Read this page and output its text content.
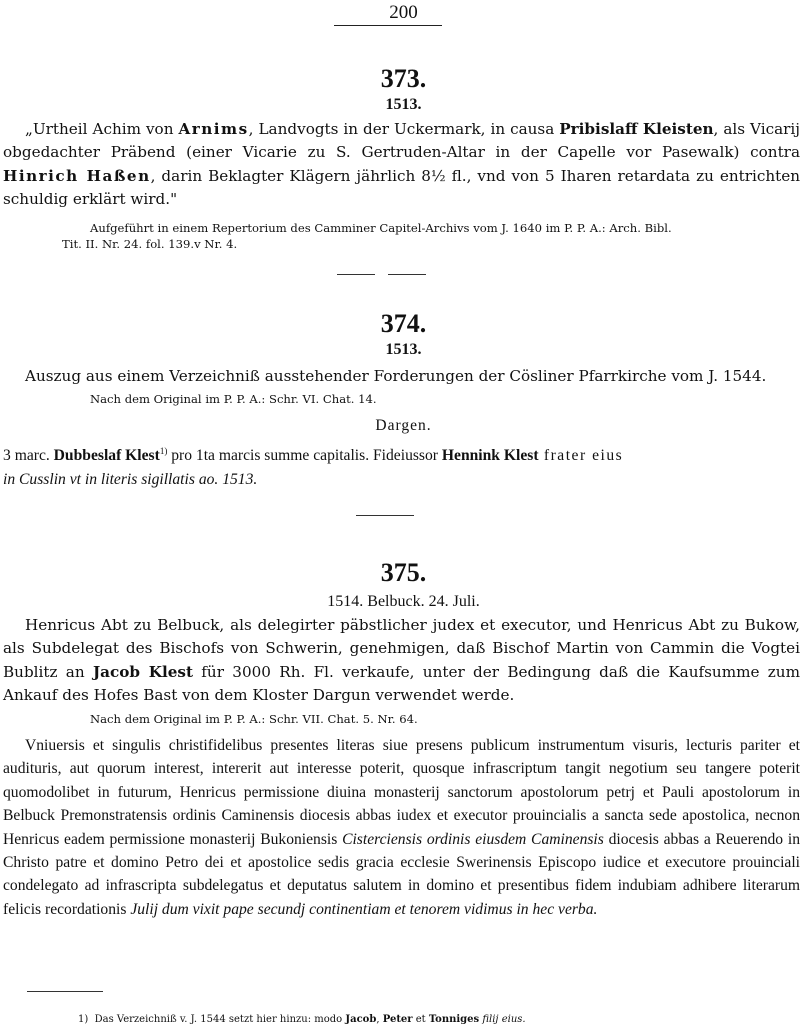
200
373.
1513.

„Urtheil Achim von Arnims, Landvogts in der Uckermark, in causa Pribislaff Kleisten, als Vicarij obgedachter Präbend (einer Vicarie zu S. Gertruden-Altar in der Capelle vor Pasewalk) contra Hinrich Haßen, darin Beklagter Klägern jährlich 8½ fl., vnd von 5 Iharen retardata zu entrichten schuldig erklärt wird."

Aufgeführt in einem Repertorium des Camminer Capitel-Archivs vom J. 1640 im P. P. A.: Arch. Bibl.
Tit. II. Nr. 24. fol. 139.v Nr. 4.
374.
1513.

Auszug aus einem Verzeichniß ausstehender Forderungen der Cösliner Pfarrkirche vom J. 1544.

Nach dem Original im P. P. A.: Schr. VI. Chat. 14.
Dargen.

3 marc. Dubbeslaf Klest$^{1)}$ pro 1ta marcis summe capitalis. Fideiussor Hennink Klest frater eius
in Cusslin vt in literis sigillatis ao. 1513.

375.
1514. Belbuck. 24. Juli.

Henricus Abt zu Belbuck, als delegirter päbstlicher judex et executor, und Henricus Abt zu Bukow, als Subdelegat des Bischofs von Schwerin, genehmigen, daß Bischof Martin von Cammin die Vogtei Bublitz an Jacob Klest für 3000 Rh. Fl. verkaufe, unter der Bedingung daß die Kaufsumme zum Ankauf des Hofes Bast von dem Kloster Dargun verwendet werde.

Nach dem Original im P. P. A.: Schr. VII. Chat. 5. Nr. 64.

Vniuersis et singulis christifidelibus presentes literas siue presens publicum instrumentum visuris, lecturis pariter et audituris, aut quorum interest, intererit aut interesse poterit, quosque infrascriptum tangit negotium seu tangere poterit quomodolibet in futurum, Henricus permissione diuina monasterij sanctorum apostolorum petrj et Pauli apostolorum in Belbuck Premonstratensis ordinis Caminensis diocesis abbas iudex et executor prouincialis a sancta sede apostolica, necnon Henricus eadem permissione monasterij Bukoniensis Cisterciensis ordinis eiusdem Caminensis diocesis abbas a Reuerendo in Christo patre et domino Petro dei et apostolice sedis gracia ecclesie Swerinensis Episcopo iudice et executore prouinciali condelegato ad infrascripta subdelegatus et deputatus salutem in domino et presentibus fidem indubiam adhibere literarum felicis recordationis Julij dum vixit pape secundj continentiam et tenorem vidimus in hec verba.

1) Das Verzeichniß v. J. 1544 setzt hier hinzu: modo Jacob, Peter et Tonniges filij eius.
